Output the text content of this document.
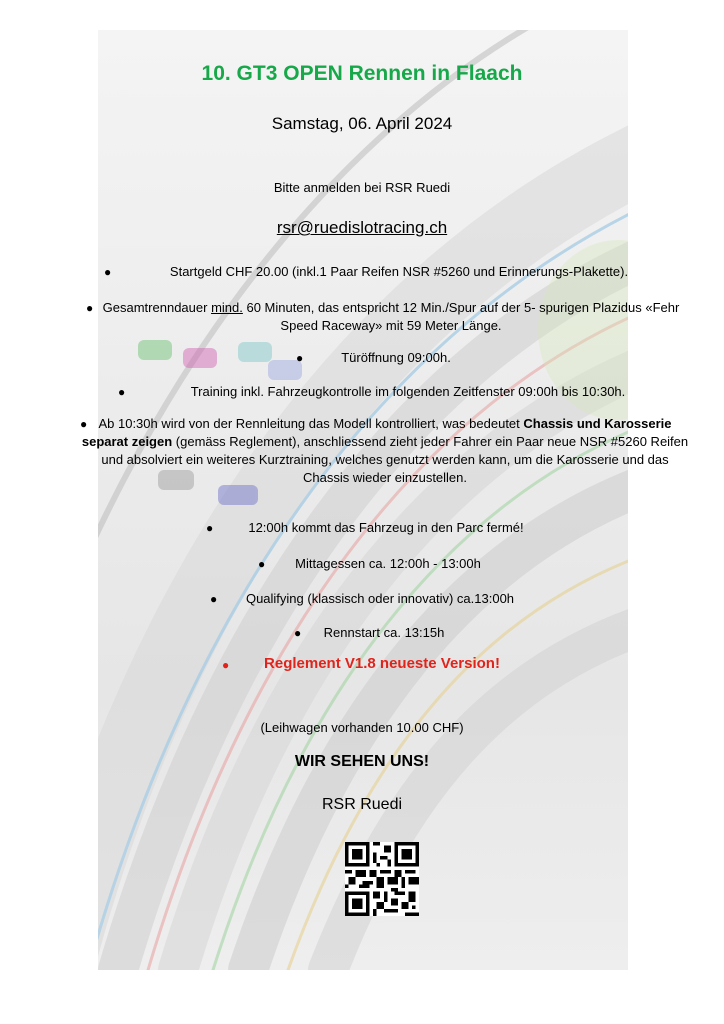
10. GT3 OPEN Rennen in Flaach
Samstag, 06. April 2024
Bitte anmelden bei RSR Ruedi
rsr@ruedislotracing.ch
●	Startgeld CHF 20.00 (inkl.1 Paar Reifen NSR #5260 und Erinnerungs-Plakette).
● Gesamtrenndauer mind. 60 Minuten, das entspricht 12 Min./Spur auf der 5- spurigen Plazidus «Fehr Speed Raceway» mit 59 Meter Länge.
●	Türöffnung 09:00h.
●	Training inkl. Fahrzeugkontrolle im folgenden Zeitfenster 09:00h bis 10:30h.
● Ab 10:30h wird von der Rennleitung das Modell kontrolliert, was bedeutet Chassis und Karosserie separat zeigen (gemäss Reglement), anschliessend zieht jeder Fahrer ein Paar neue NSR #5260 Reifen und absolviert ein weiteres Kurztraining, welches genutzt werden kann, um die Karosserie und das Chassis wieder einzustellen.
●	12:00h kommt das Fahrzeug in den Parc fermé!
● Mittagessen ca. 12:00h - 13:00h
● Qualifying (klassisch oder innovativ) ca.13:00h
● Rennstart ca. 13:15h
● Reglement V1.8 neueste Version!
(Leihwagen vorhanden 10.00 CHF)
WIR SEHEN UNS!
RSR Ruedi
